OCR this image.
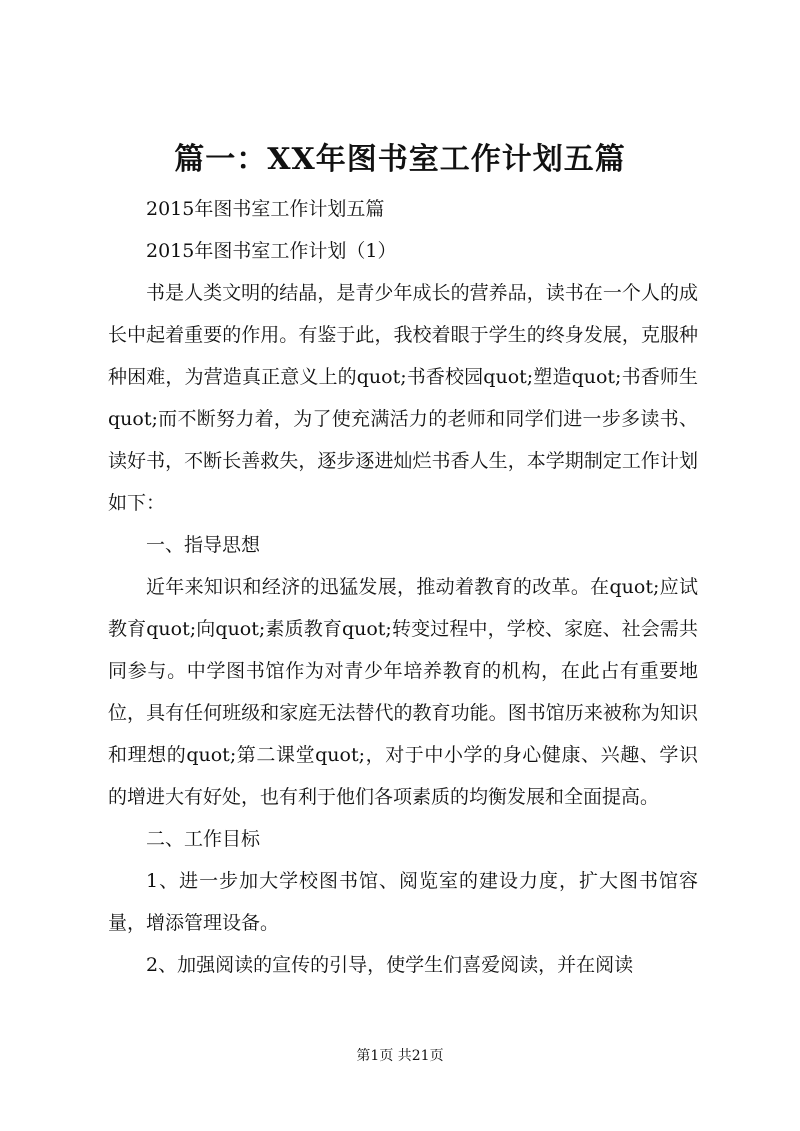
篇一：XX年图书室工作计划五篇

2015年图书室工作计划五篇

2015年图书室工作计划（1）

书是人类文明的结晶，是青少年成长的营养品，读书在一个人的成长中起着重要的作用。有鉴于此，我校着眼于学生的终身发展，克服种种困难，为营造真正意义上的quot;书香校园quot;塑造quot;书香师生quot;而不断努力着，为了使充满活力的老师和同学们进一步多读书、读好书，不断长善救失，逐步逐进灿烂书香人生，本学期制定工作计划如下：

一、指导思想

近年来知识和经济的迅猛发展，推动着教育的改革。在quot;应试教育quot;向quot;素质教育quot;转变过程中，学校、家庭、社会需共同参与。中学图书馆作为对青少年培养教育的机构，在此占有重要地位，具有任何班级和家庭无法替代的教育功能。图书馆历来被称为知识和理想的quot;第二课堂quot;，对于中小学的身心健康、兴趣、学识的增进大有好处，也有利于他们各项素质的均衡发展和全面提高。

二、工作目标

1、进一步加大学校图书馆、阅览室的建设力度，扩大图书馆容量，增添管理设备。

2、加强阅读的宣传的引导，使学生们喜爱阅读，并在阅读

第1页 共21页
